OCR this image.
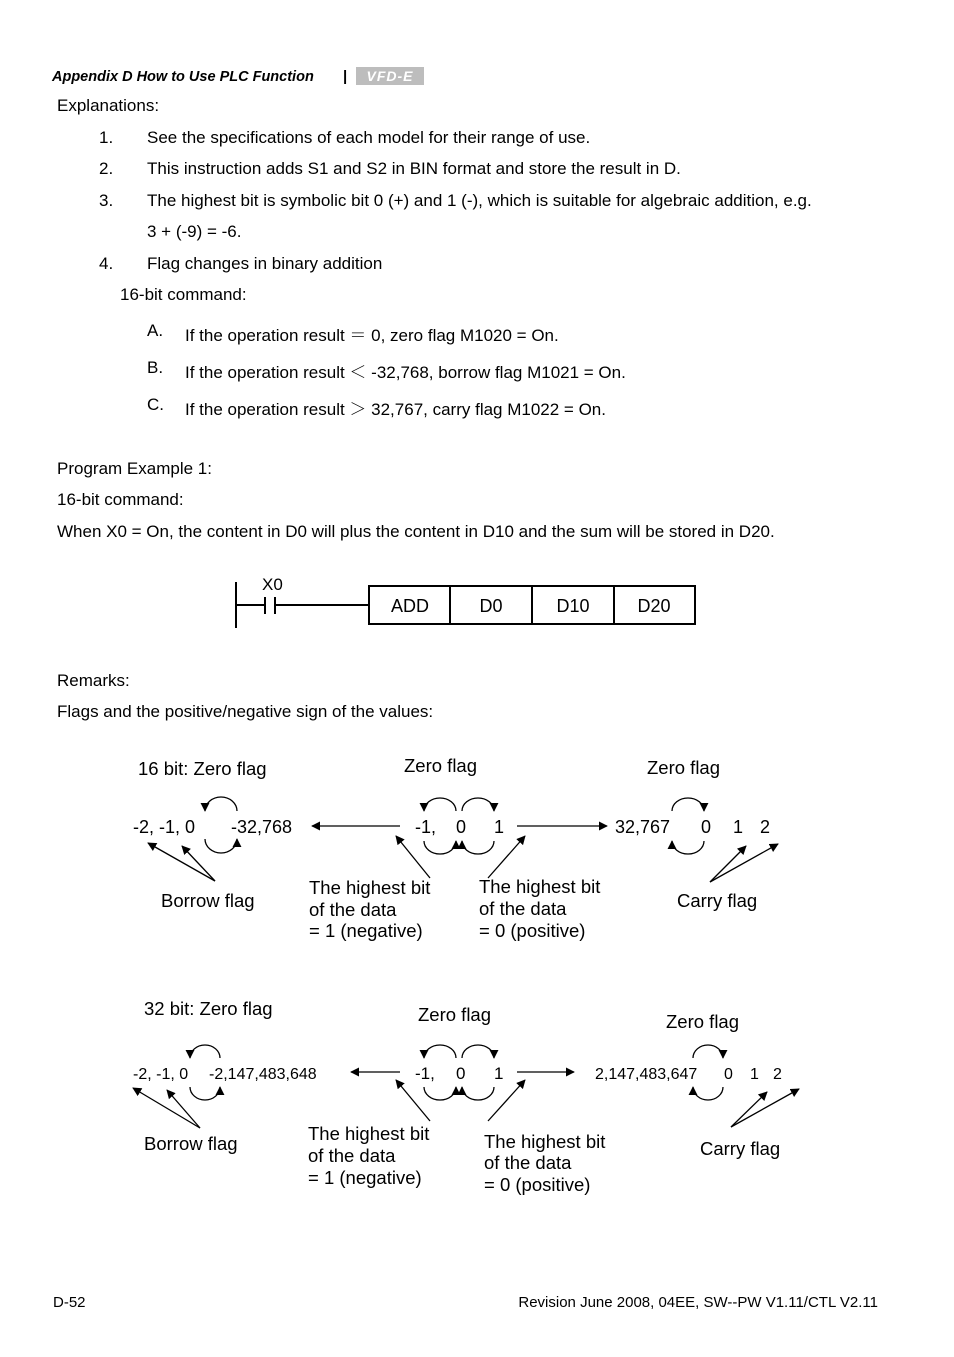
Appendix D How to Use PLC Function |	VFD-E
Explanations:
1. See the specifications of each model for their range of use.
2. This instruction adds S1 and S2 in BIN format and store the result in D.
3. The highest bit is symbolic bit 0 (+) and 1 (-), which is suitable for algebraic addition, e.g.
3 + (-9) = -6.
4. Flag changes in binary addition
16-bit command:
A. If the operation result ＝ 0, zero flag M1020 = On.
B. If the operation result ＜ -32,768, borrow flag M1021 = On.
C. If the operation result ＞ 32,767, carry flag M1022 = On.
Program Example 1:
16-bit command:
When X0 = On, the content in D0 will plus the content in D10 and the sum will be stored in D20.
Remarks:
Flags and the positive/negative sign of the values:
X0
ADD	D0	D10	D20
16 bit: Zero flag	Zero flag	Zero flag
-2, -1, 0 -32,768	-1, 0 1	32,767 0 1 2
Borrow flag	Carry flag
The highest bit
of the data
= 1 (negative)
The highest bit
of the data
= 0 (positive)
32 bit: Zero flag	Zero flag	Zero flag
-2, -1, 0 -2,147,483,648	-1, 0 1	2,147,483,647 0 1 2
Borrow flag	Carry flag
The highest bit
of the data
= 1 (negative)
The highest bit
of the data
= 0 (positive)
D-52	Revision June 2008, 04EE, SW--PW V1.11/CTL V2.11
